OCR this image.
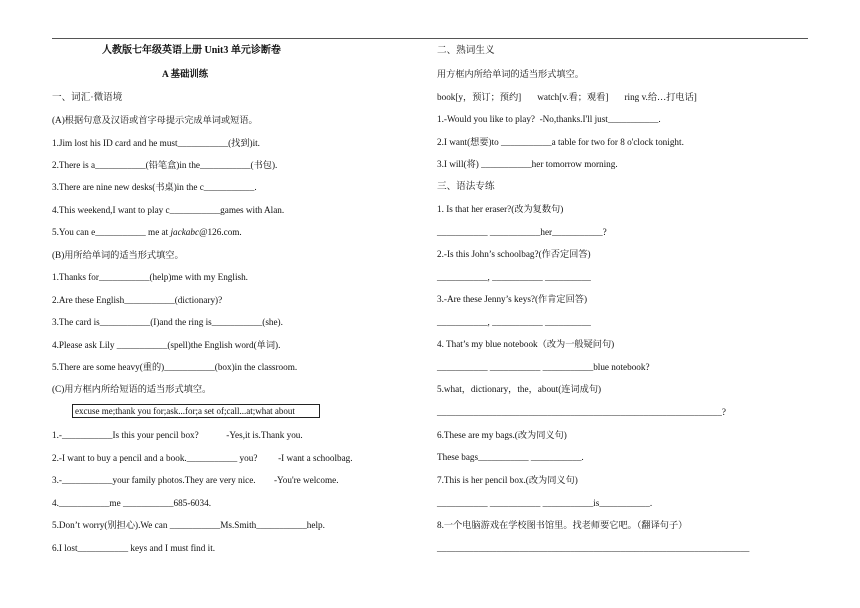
人教版七年级英语上册 Unit3 单元诊断卷
A 基础训练
一、词汇·微语境
(A)根据句意及汉语或首字母提示完成单词或短语。
1.Jim lost his ID card and he must___________(找到)it.
2.There is a___________(铅笔盒)in the___________(书包).
3.There are nine new desks(书桌)in the c___________.
4.This weekend,I want to play c___________games with Alan.
5.You can e___________ me at jackabc@126.com.
(B)用所给单词的适当形式填空。
1.Thanks for___________(help)me with my English.
2.Are these English___________(dictionary)?
3.The card is___________(I)and the ring is___________(she).
4.Please ask Lily ___________(spell)the English word(单词).
5.There are some heavy(重的)___________(box)in the classroom.
(C)用方框内所给短语的适当形式填空。
excuse me;thank you for;ask...for;a set of;call...at;what about
1.-___________Is this your pencil box?            -Yes,it is.Thank you.
2.-I want to buy a pencil and a book.___________ you?         -I want a schoolbag.
3.-___________your family photos.They are very nice.        -You're welcome.
4.___________me ___________685-6034.
5.Don’t worry(别担心).We can ___________Ms.Smith___________help.
6.I lost___________ keys and I must find it.
二、熟词生义
用方框内所给单词的适当形式填空。
book[y，预订；预约]       watch[v.看；观看]       ring v.给…打电话]
1.-Would you like to play?  -No,thanks.I'll just___________.
2.I want(想要)to ___________a table for two for 8 o'clock tonight.
3.I will(将) ___________her tomorrow morning.
三、语法专练
1. Is that her eraser?(改为复数句)
___________ ___________her___________?
2.-Is this John’s schoolbag?(作否定回答)
___________, ___________ __________
3.-Are these Jenny’s keys?(作肯定回答)
___________, ___________ __________
4. That’s my blue notebook（改为一般疑问句)
___________ ___________ ___________blue notebook?
5.what，dictionary，the，about(连词成句)
______________________________________________________________?
6.These are my bags.(改为同义句)
These bags___________ ___________.
7.This is her pencil box.(改为同义句)
___________ ___________ ___________is___________.
8.一个电脑游戏在学校图书馆里。找老师要它吧。（翻译句子）
____________________________________________________________________
